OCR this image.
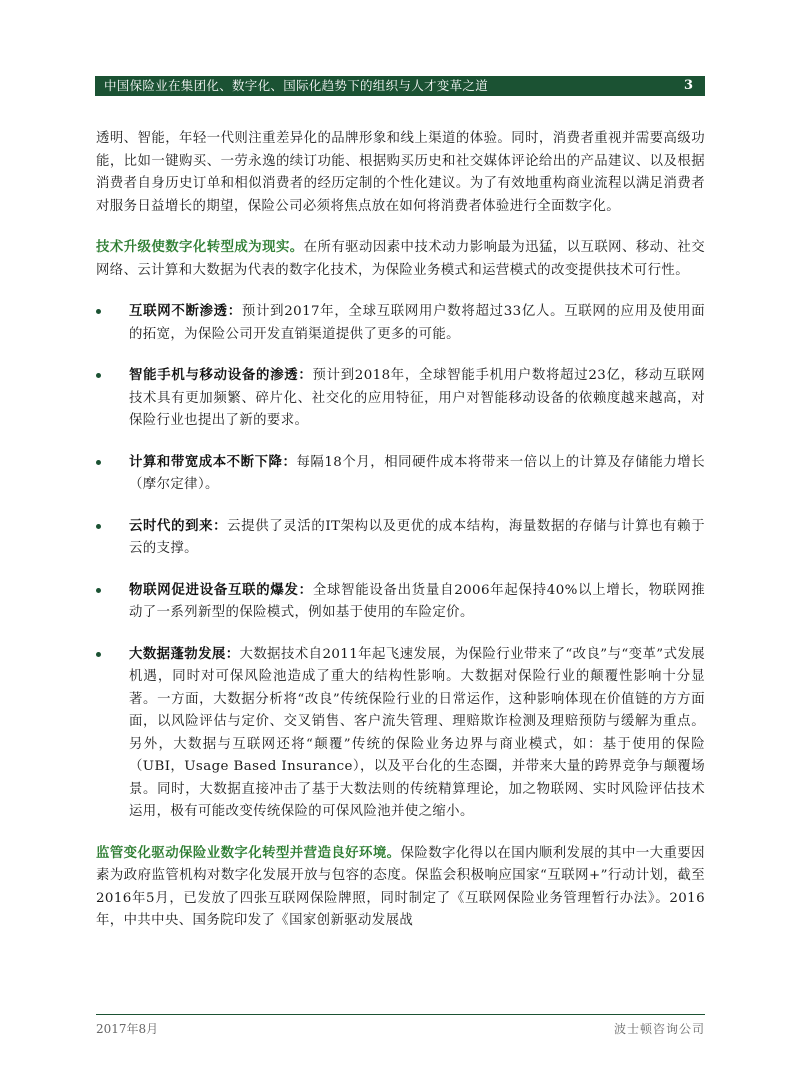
中国保险业在集团化、数字化、国际化趋势下的组织与人才变革之道	3

透明、智能，年轻一代则注重差异化的品牌形象和线上渠道的体验。同时，消费者重视并需要高级功能，比如一键购买、一劳永逸的续订功能、根据购买历史和社交媒体评论给出的产品建议、以及根据消费者自身历史订单和相似消费者的经历定制的个性化建议。为了有效地重构商业流程以满足消费者对服务日益增长的期望，保险公司必须将焦点放在如何将消费者体验进行全面数字化。

技术升级使数字化转型成为现实。在所有驱动因素中技术动力影响最为迅猛，以互联网、移动、社交网络、云计算和大数据为代表的数字化技术，为保险业务模式和运营模式的改变提供技术可行性。

互联网不断渗透：预计到2017年，全球互联网用户数将超过33亿人。互联网的应用及使用面的拓宽，为保险公司开发直销渠道提供了更多的可能。
智能手机与移动设备的渗透：预计到2018年，全球智能手机用户数将超过23亿，移动互联网技术具有更加频繁、碎片化、社交化的应用特征，用户对智能移动设备的依赖度越来越高，对保险行业也提出了新的要求。
计算和带宽成本不断下降：每隔18个月，相同硬件成本将带来一倍以上的计算及存储能力增长（摩尔定律）。
云时代的到来：云提供了灵活的IT架构以及更优的成本结构，海量数据的存储与计算也有赖于云的支撑。
物联网促进设备互联的爆发：全球智能设备出货量自2006年起保持40%以上增长，物联网推动了一系列新型的保险模式，例如基于使用的车险定价。
大数据蓬勃发展：大数据技术自2011年起飞速发展，为保险行业带来了“改良”与“变革”式发展机遇，同时对可保风险池造成了重大的结构性影响。大数据对保险行业的颠覆性影响十分显著。一方面，大数据分析将“改良”传统保险行业的日常运作，这种影响体现在价值链的方方面面，以风险评估与定价、交叉销售、客户流失管理、理赔欺诈检测及理赔预防与缓解为重点。另外，大数据与互联网还将“颠覆”传统的保险业务边界与商业模式，如：基于使用的保险（UBI，Usage Based Insurance），以及平台化的生态圈，并带来大量的跨界竞争与颠覆场景。同时，大数据直接冲击了基于大数法则的传统精算理论，加之物联网、实时风险评估技术运用，极有可能改变传统保险的可保风险池并使之缩小。

监管变化驱动保险业数字化转型并营造良好环境。保险数字化得以在国内顺利发展的其中一大重要因素为政府监管机构对数字化发展开放与包容的态度。保监会积极响应国家“互联网+”行动计划，截至2016年5月，已发放了四张互联网保险牌照，同时制定了《互联网保险业务管理暂行办法》。2016年，中共中央、国务院印发了《国家创新驱动发展战

2017年8月	波士顿咨询公司
